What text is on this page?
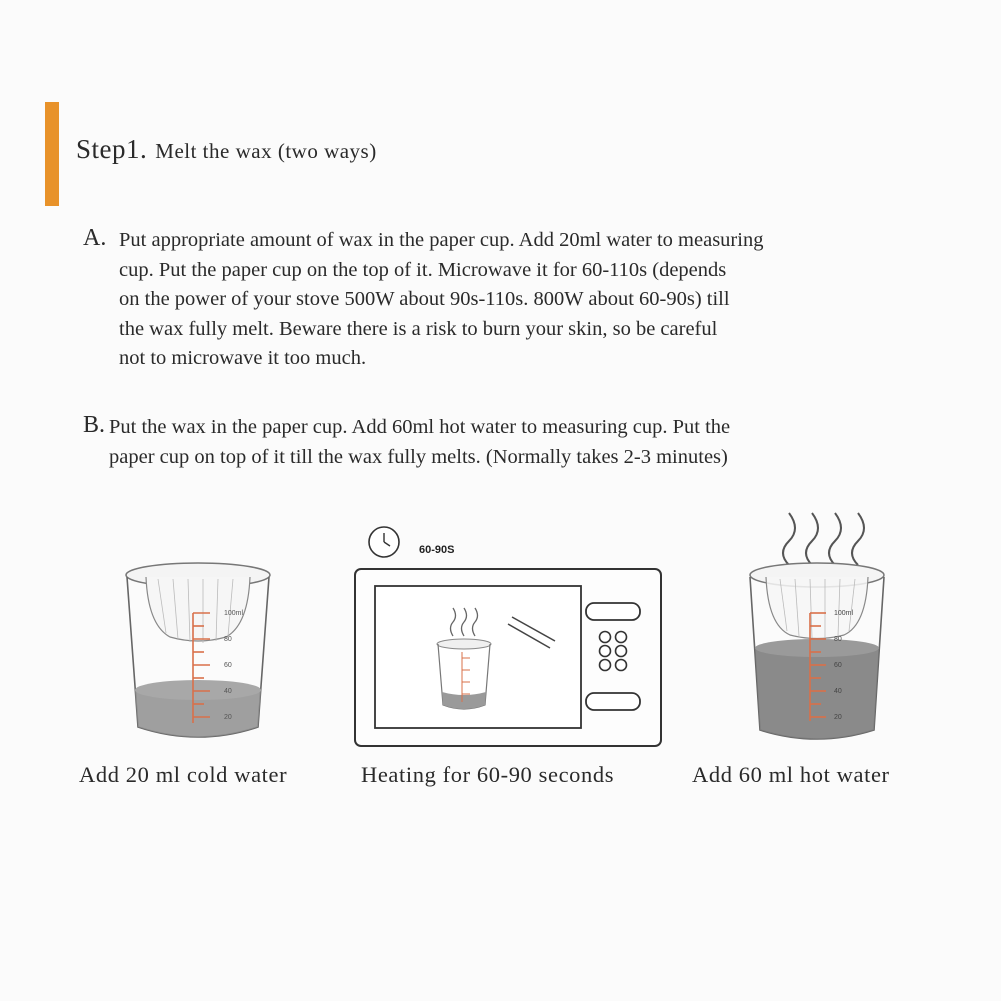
Step1. Melt the wax (two ways)
A. Put appropriate amount of wax in the paper cup. Add 20ml water to measuring
cup. Put the paper cup on the top of it. Microwave it for 60-110s (depends
on the power of your stove 500W about 90s-110s. 800W about 60-90s) till
the wax fully melt. Beware there is a risk to burn your skin, so be careful
not to microwave it too much.
B. Put the wax in the paper cup. Add 60ml hot water to measuring cup. Put the
paper cup on top of it till the wax fully melts. (Normally takes 2-3 minutes)
100ml
80
60
40
20
60-90S
100ml
80
60
40
20
Add 20 ml cold water	Heating for 60-90 seconds	Add 60 ml hot water
